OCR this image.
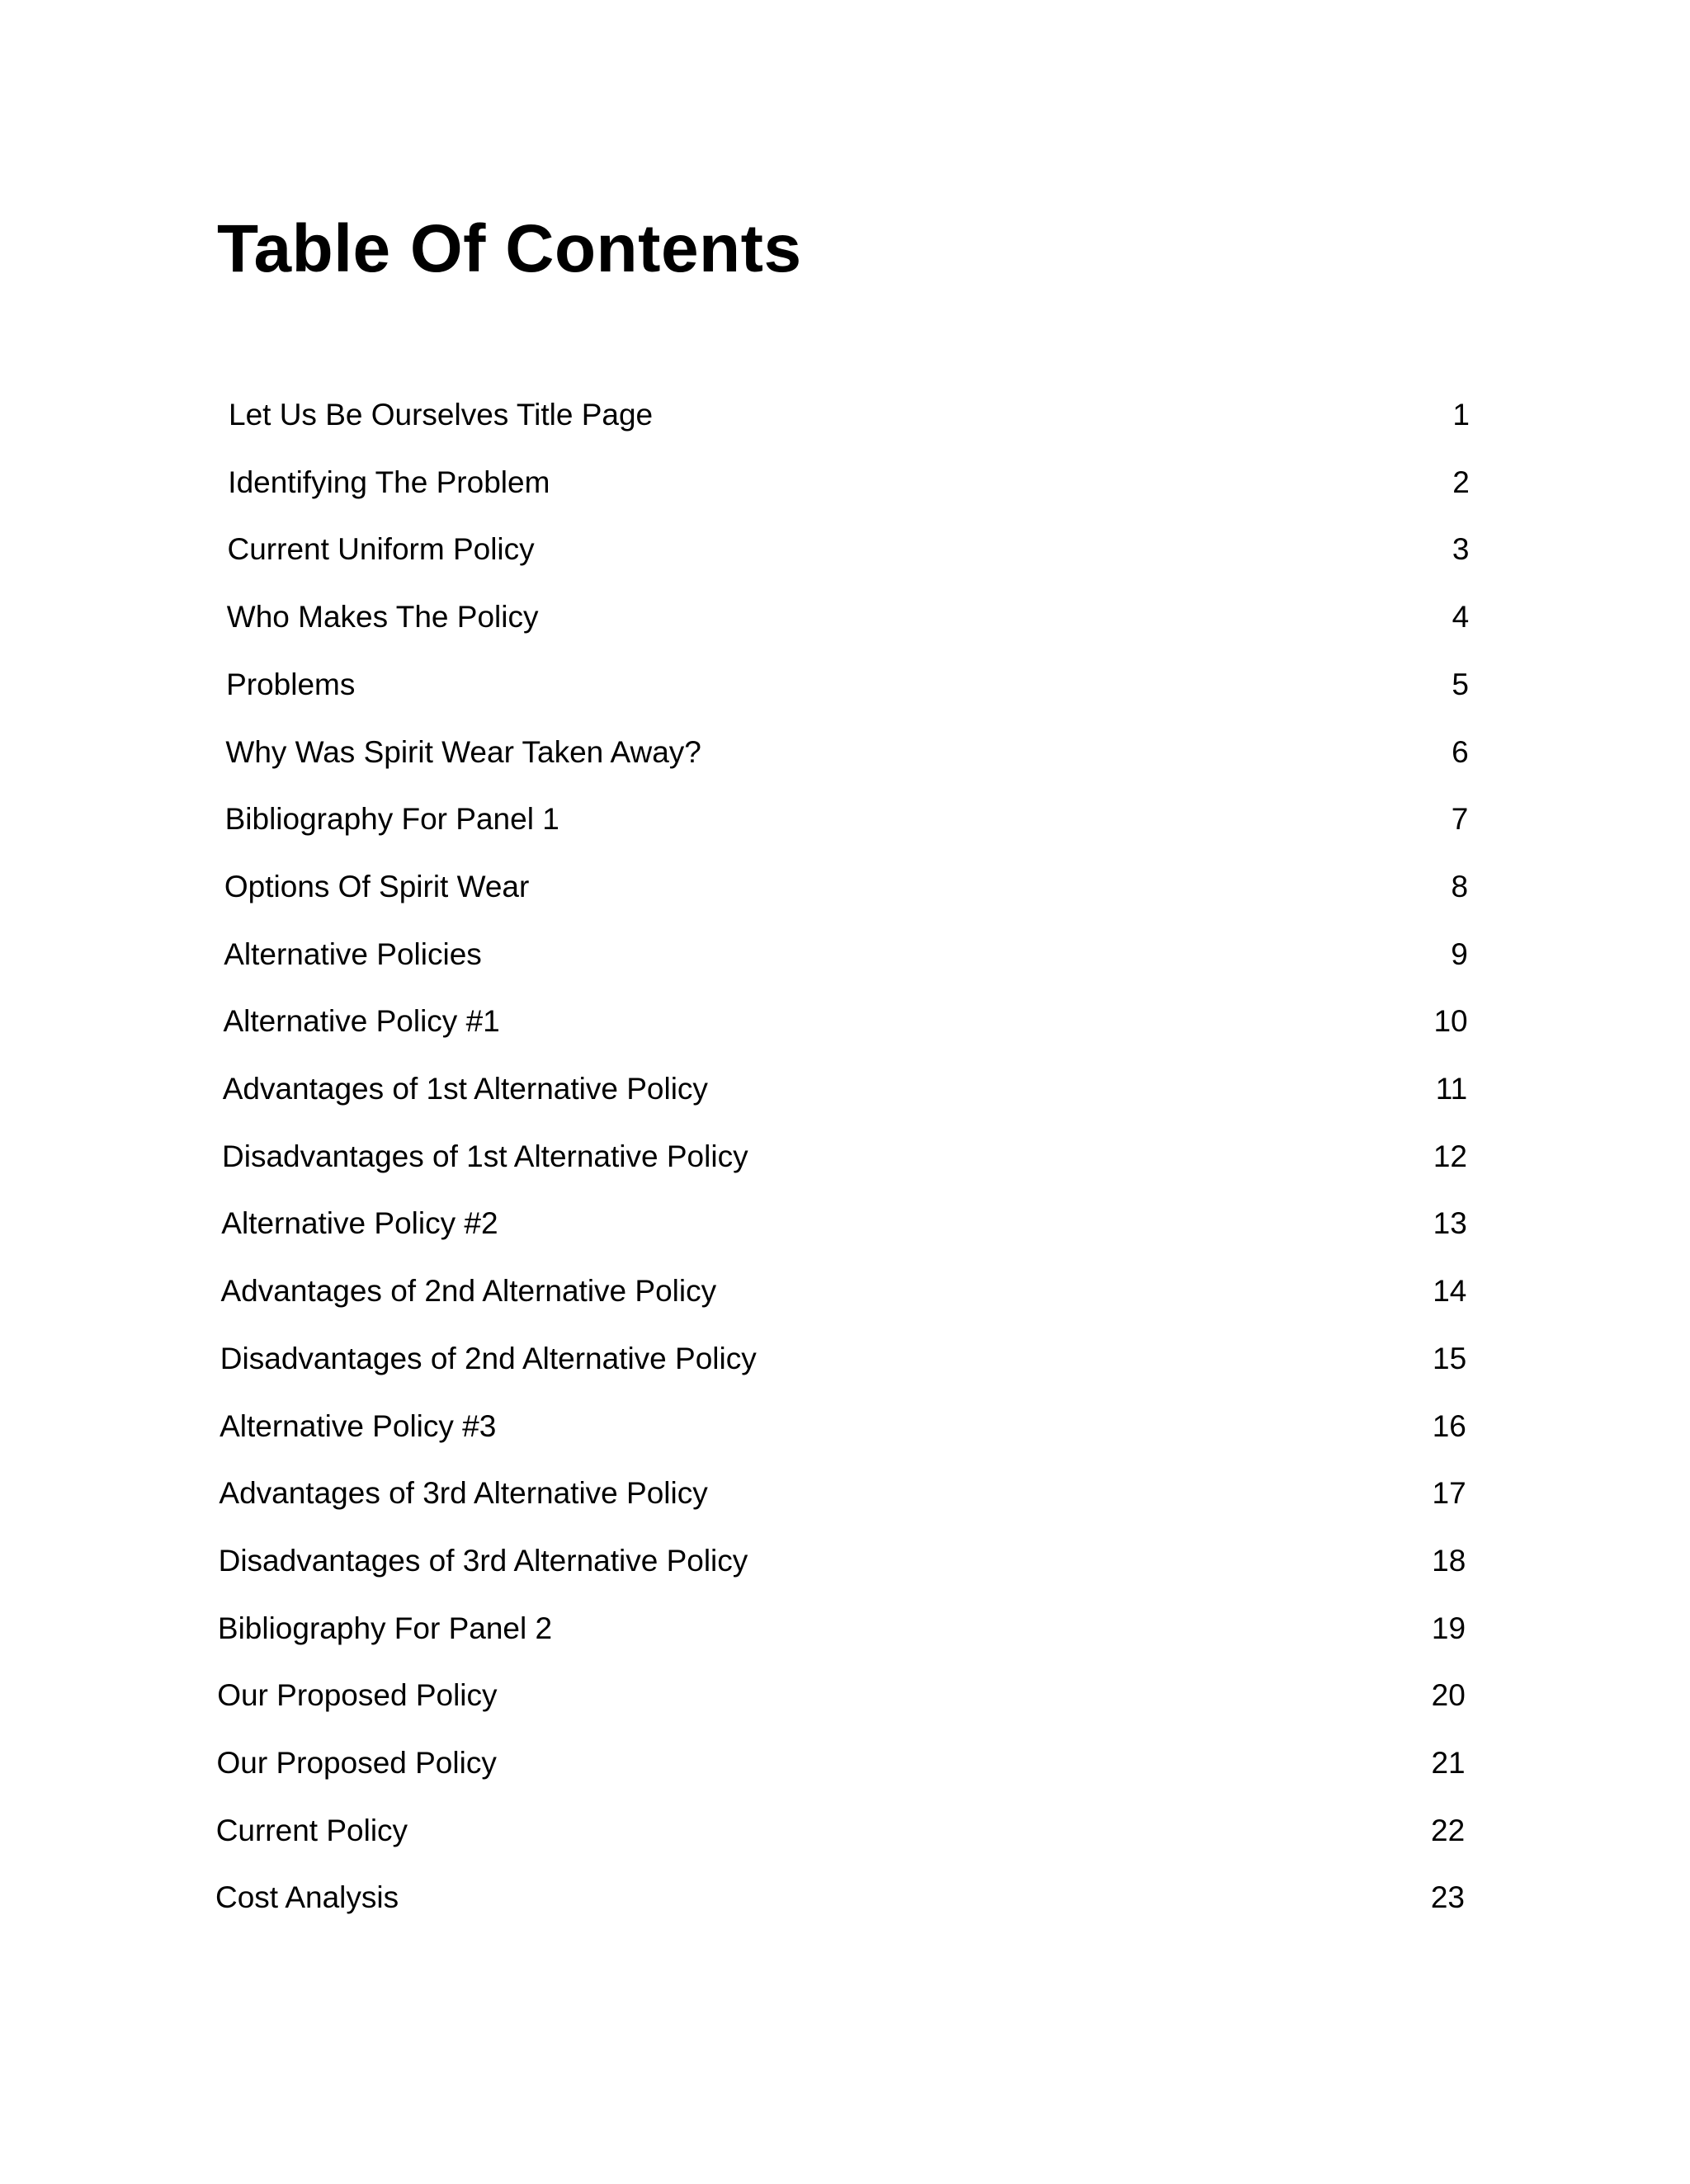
Table Of Contents
Let Us Be Ourselves Title Page	1
Identifying The Problem	2
Current Uniform Policy	3
Who Makes The Policy	4
Problems	5
Why Was Spirit Wear Taken Away?	6
Bibliography For Panel 1	7
Options Of Spirit Wear	8
Alternative Policies	9
Alternative Policy #1	10
Advantages of 1st Alternative Policy	11
Disadvantages of 1st Alternative Policy	12
Alternative Policy #2	13
Advantages of 2nd Alternative Policy	14
Disadvantages of 2nd Alternative Policy	15
Alternative Policy #3	16
Advantages of 3rd Alternative Policy	17
Disadvantages of 3rd Alternative Policy	18
Bibliography For Panel 2	19
Our Proposed Policy	20
Our Proposed Policy	21
Current Policy	22
Cost Analysis	23
